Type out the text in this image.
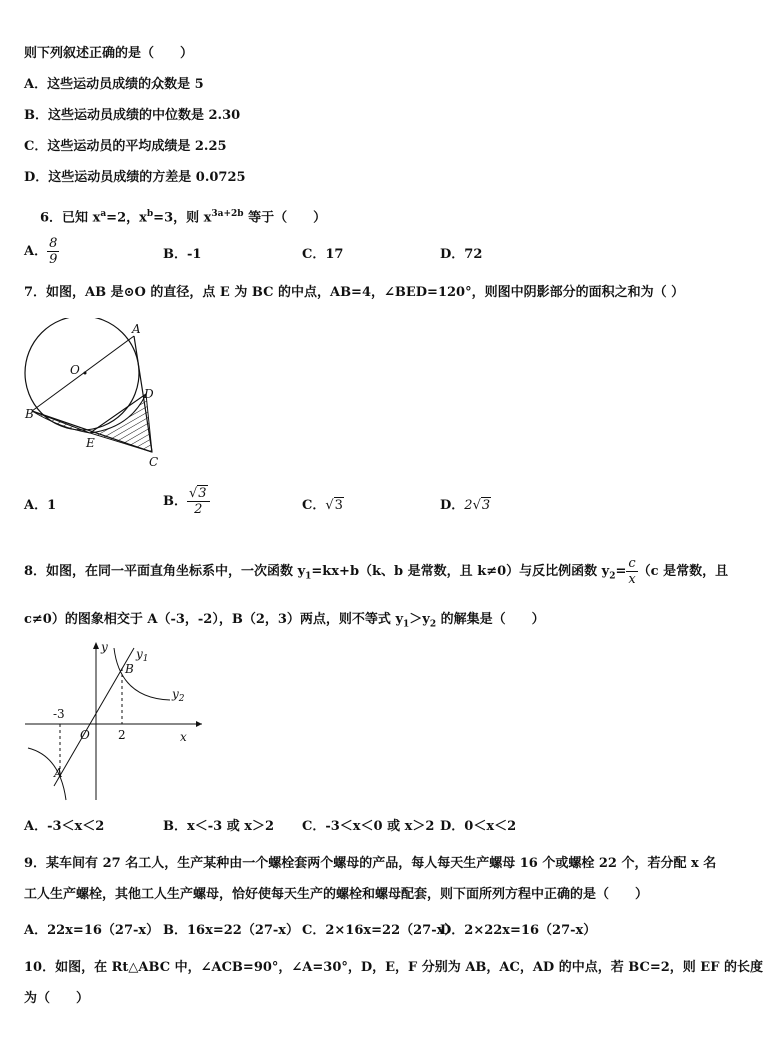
则下列叙述正确的是（　　）
A．这些运动员成绩的众数是 5
B．这些运动员成绩的中位数是 2.30
C．这些运动员的平均成绩是 2.25
D．这些运动员成绩的方差是 0.0725
6．已知 $x^a=2$，$x^b=3$，则 $x^{3a+2b}$ 等于（　　）
A． $\frac{8}{9}$	B．-1	C．17	D．72
7．如图，AB 是⊙O 的直径，点 E 为 BC 的中点，AB=4，∠BED=120°，则图中阴影部分的面积之和为（ ）
A
O
D
B
E
C
A．1	B． $\frac{√3}{2}$	C．√3	D．2√3
8．如图，在同一平面直角坐标系中，一次函数 $y_1=kx+b(k$、b 是常数，且 k≠0）与反比例函数 $y_2= \frac{c}{x} (c$ 是常数，且
c≠0）的图象相交于 A（-3，-2），B（2，3）两点，则不等式 $y_1>y_2$ 的解集是（　　）
y
x
O
$y_1$
$y_2$
-3
2
A
B
A．-3＜x＜2	B．x＜-3 或 x＞2 C．-3＜x＜0 或 x＞2 D．0＜x＜2
9．某车间有 27 名工人，生产某种由一个螺栓套两个螺母的产品，每人每天生产螺母 16 个或螺栓 22 个，若分配 x 名
工人生产螺栓，其他工人生产螺母，恰好使每天生产的螺栓和螺母配套，则下面所列方程中正确的是（　　）
A．22x=16（27-x） B．16x=22（27-x） C．2×16x=22（27-x）
D．2×22x=16（27-x）
10．如图，在 Rt△ABC 中，∠ACB=90°，∠A=30°，D，E，F 分别为 AB，AC，AD 的中点，若 BC=2，则 EF 的长度
为（　　）
